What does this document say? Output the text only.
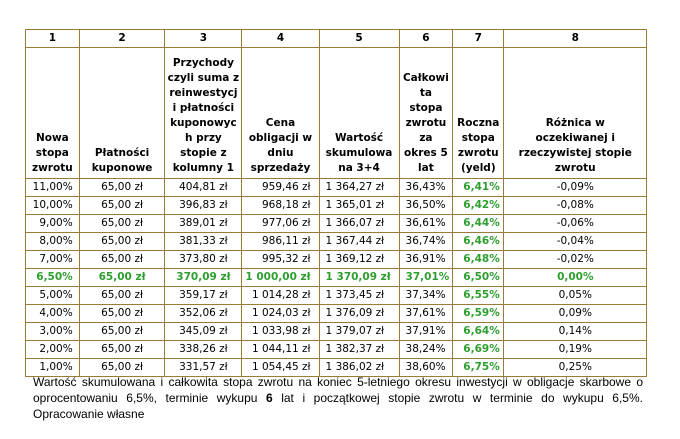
1	2	3	4	5	6	7	8
Nowa stopa zwrotu	Płatności kuponowe	Przychody czyli suma z reinwestycj i płatności kuponowyc h przy stopie z kolumny 1	Cena obligacji w dniu sprzedaży	Wartość skumulowa na 3+4	Całkowi ta stopa zwrotu za okres 5 lat	Roczna stopa zwrotu (yeld)	Różnica w oczekiwanej i rzeczywistej stopie zwrotu
11,00%	65,00 zł	404,81 zł	959,46 zł	1 364,27 zł	36,43%	6,41%	-0,09%
10,00%	65,00 zł	396,83 zł	968,18 zł	1 365,01 zł	36,50%	6,42%	-0,08%
9,00%	65,00 zł	389,01 zł	977,06 zł	1 366,07 zł	36,61%	6,44%	-0,06%
8,00%	65,00 zł	381,33 zł	986,11 zł	1 367,44 zł	36,74%	6,46%	-0,04%
7,00%	65,00 zł	373,80 zł	995,32 zł	1 369,12 zł	36,91%	6,48%	-0,02%
6,50%	65,00 zł	370,09 zł	1 000,00 zł	1 370,09 zł	37,01%	6,50%	0,00%
5,00%	65,00 zł	359,17 zł	1 014,28 zł	1 373,45 zł	37,34%	6,55%	0,05%
4,00%	65,00 zł	352,06 zł	1 024,03 zł	1 376,09 zł	37,61%	6,59%	0,09%
3,00%	65,00 zł	345,09 zł	1 033,98 zł	1 379,07 zł	37,91%	6,64%	0,14%
2,00%	65,00 zł	338,26 zł	1 044,11 zł	1 382,37 zł	38,24%	6,69%	0,19%
1,00%	65,00 zł	331,57 zł	1 054,45 zł	1 386,02 zł	38,60%	6,75%	0,25%
Wartość skumulowana i całkowita stopa zwrotu na koniec 5-letniego okresu inwestycji w obligacje skarbowe o oprocentowaniu 6,5%, terminie wykupu 6 lat i początkowej stopie zwrotu w terminie do wykupu 6,5%. Opracowanie własne
